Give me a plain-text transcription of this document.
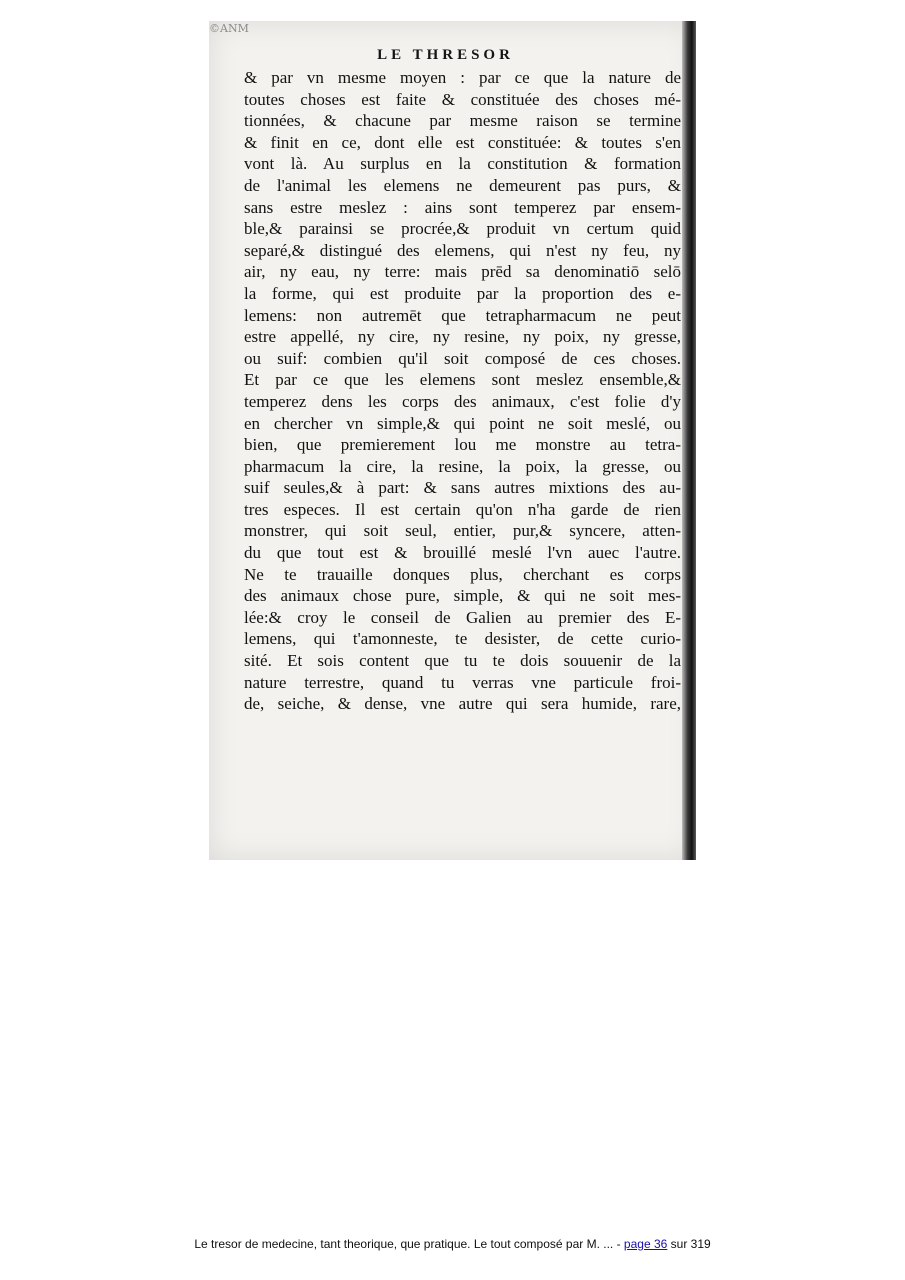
©ANM
LE THRESOR
& par vn mesme moyen : par ce que la nature de
toutes choses est faite & constituée des choses mé-
tionnées, & chacune par mesme raison se termine
& finit en ce, dont elle est constituée: & toutes s'en
vont là. Au surplus en la constitution & formation
de l'animal les elemens ne demeurent pas purs, &
sans estre meslez : ains sont temperez par ensem-
ble,& parainsi se procrée,& produit vn certum quid
separé,& distingué des elemens, qui n'est ny feu, ny
air, ny eau, ny terre: mais prēd sa denominatiō selō
la forme, qui est produite par la proportion des e-
lemens: non autremēt que tetrapharmacum ne peut
estre appellé, ny cire, ny resine, ny poix, ny gresse,
ou suif: combien qu'il soit composé de ces choses.
Et par ce que les elemens sont meslez ensemble,&
temperez dens les corps des animaux, c'est folie d'y
en chercher vn simple,& qui point ne soit meslé, ou
bien, que premierement lou me monstre au tetra-
pharmacum la cire, la resine, la poix, la gresse, ou
suif seules,& à part: & sans autres mixtions des au-
tres especes. Il est certain qu'on n'ha garde de rien
monstrer, qui soit seul, entier, pur,& syncere, atten-
du que tout est & brouillé meslé l'vn auec l'autre.
Ne te trauaille donques plus, cherchant es corps
des animaux chose pure, simple, & qui ne soit mes-
lée:& croy le conseil de Galien au premier des E-
lemens, qui t'amonneste, te desister, de cette curio-
sité. Et sois content que tu te dois souuenir de la
nature terrestre, quand tu verras vne particule froi-
de, seiche, & dense, vne autre qui sera humide, rare,
Le tresor de medecine, tant theorique, que pratique. Le tout composé par M. ... - page 36 sur 319
